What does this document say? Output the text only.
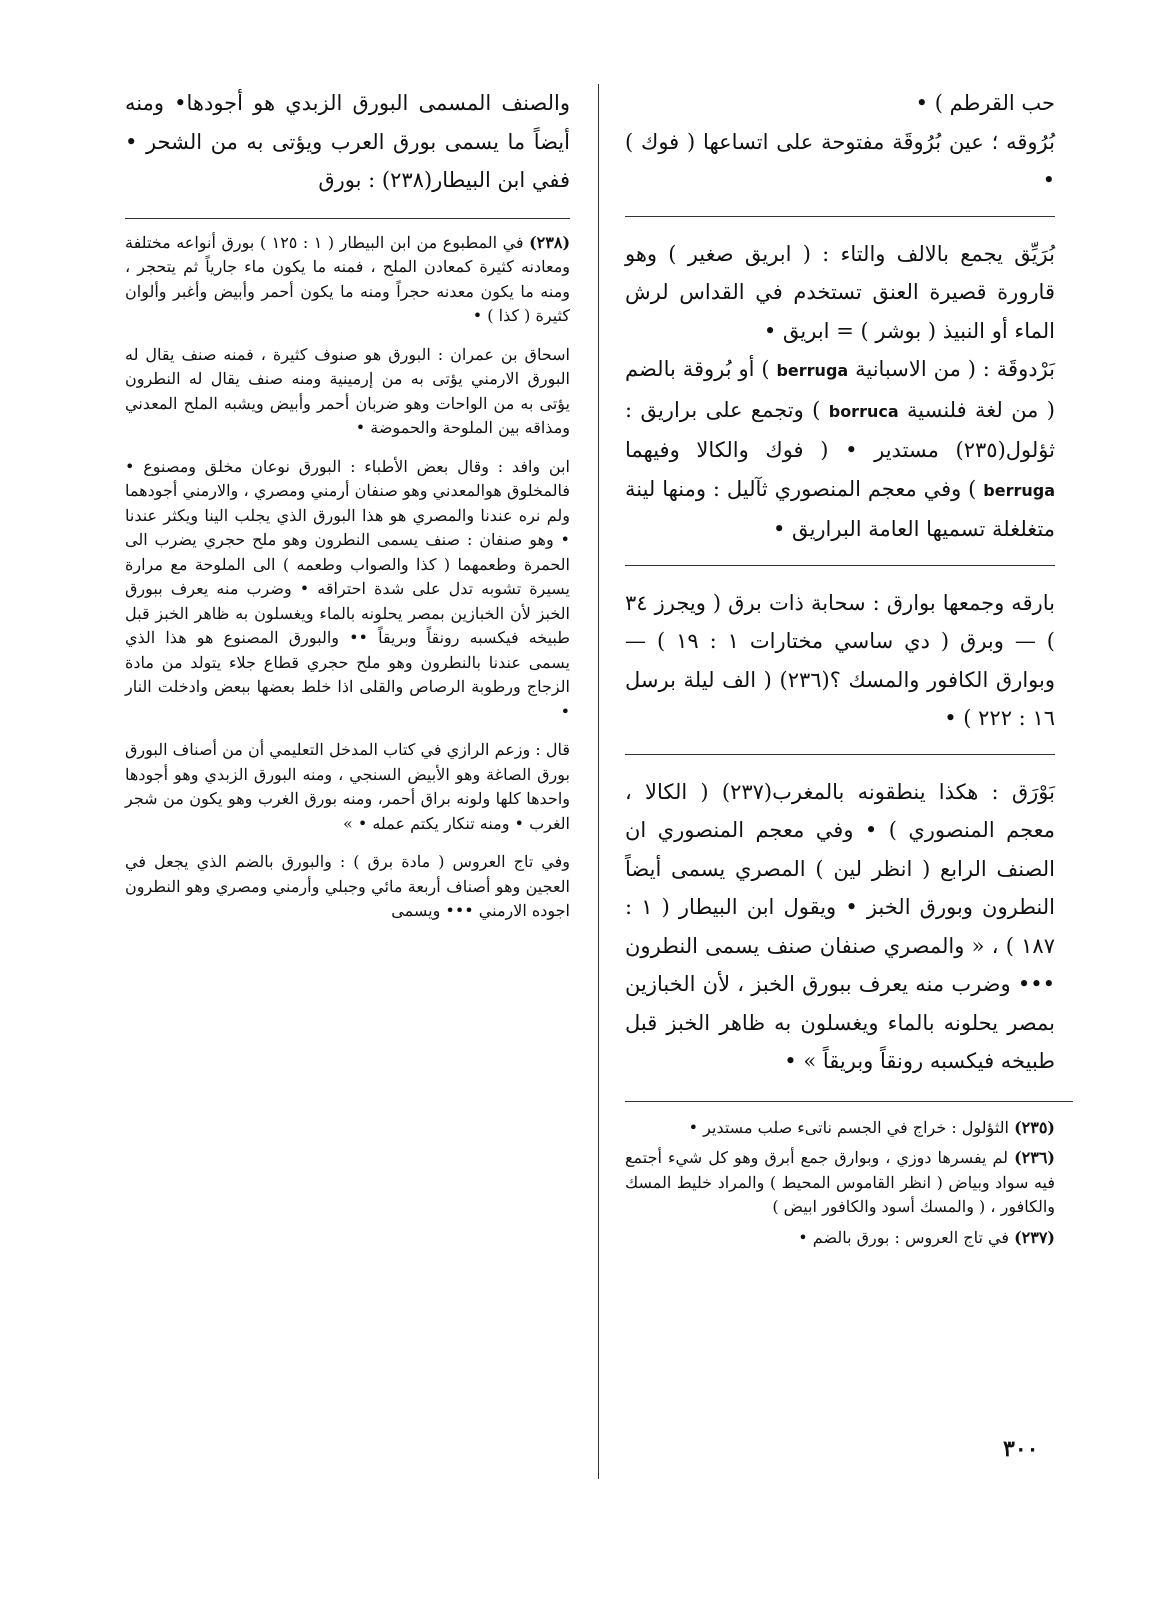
حب القرطم ) •

بُرُوقه ؛ عين بُرُوقَة مفتوحة على اتساعها ( فوك ) •

بُرَيِّق يجمع بالالف والتاء : ( ابريق صغير ) وهو قارورة قصيرة العنق تستخدم في القداس لرش الماء أو النبيذ ( بوشر ) = ابريق •

بَرْدوقَة : ( من الاسبانية berruga ) أو بُروقة بالضم ( من لغة فلنسية borruca ) وتجمع على براريق : ثؤلول(٢٣٥) مستدير • ( فوك والكالا وفيهما berruga ) وفي معجم المنصوري ثآليل : ومنها لينة متغلغلة تسميها العامة البراريق •

بارقه وجمعها بوارق : سحابة ذات برق ( ويجرز ٣٤ ) — وبرق ( دي ساسي مختارات ١ : ١٩ ) — وبوارق الكافور والمسك ؟(٢٣٦) ( الف ليلة برسل ١٦ : ٢٢٢ ) •

بَوْرَق : هكذا ينطقونه بالمغرب(٢٣٧) ( الكالا ، معجم المنصوري ) • وفي معجم المنصوري ان الصنف الرابع ( انظر لين ) المصري يسمى أيضاً النطرون وبورق الخبز • ويقول ابن البيطار ( ١ : ١٨٧ ) ، « والمصري صنفان صنف يسمى النطرون ••• وضرب منه يعرف ببورق الخبز ، لأن الخبازين بمصر يحلونه بالماء ويغسلون به ظاهر الخبز قبل طبيخه فيكسبه رونقاً وبريقاً » •

(٢٣٥) الثؤلول : خراج في الجسم ناتىء صلب مستدير •

(٢٣٦) لم يفسرها دوزي ، وبوارق جمع أبرق وهو كل شيء أجتمع فيه سواد وبياض ( انظر القاموس المحيط ) والمراد خليط المسك والكافور ، ( والمسك أسود والكافور ابيض )

(٢٣٧) في تاج العروس : بورق بالضم •

والصنف المسمى البورق الزبدي هو أجودها• ومنه أيضاً ما يسمى بورق العرب ويؤتى به من الشحر • ففي ابن البيطار(٢٣٨) : بورق

(٢٣٨) في المطبوع من ابن البيطار ( ١ : ١٢٥ ) بورق أنواعه مختلفة ومعادنه كثيرة كمعادن الملح ، فمنه ما يكون ماء جارياً ثم يتحجر ، ومنه ما يكون معدنه حجراً ومنه ما يكون أحمر وأبيض وأغبر وألوان كثيرة ( كذا ) •

اسحاق بن عمران : البورق هو صنوف كثيرة ، فمنه صنف يقال له البورق الارمني يؤتى به من إرمينية ومنه صنف يقال له النطرون يؤتى به من الواحات وهو ضربان أحمر وأبيض ويشبه الملح المعدني ومذاقه بين الملوحة والحموضة •

ابن وافد : وقال بعض الأطباء : البورق نوعان مخلق ومصنوع • فالمخلوق هوالمعدني وهو صنفان أرمني ومصري ، والارمني أجودهما ولم نره عندنا والمصري هو هذا البورق الذي يجلب الينا ويكثر عندنا • وهو صنفان : صنف يسمى النطرون وهو ملح حجري يضرب الى الحمرة وطعمهما ( كذا والصواب وطعمه ) الى الملوحة مع مرارة يسيرة تشوبه تدل على شدة احتراقه • وضرب منه يعرف ببورق الخبز لأن الخبازين بمصر يحلونه بالماء ويغسلون به ظاهر الخبز قبل طبيخه فيكسبه رونقاً وبريقاً •• والبورق المصنوع هو هذا الذي يسمى عندنا بالنطرون وهو ملح حجري قطاع جلاء يتولد من مادة الزجاج ورطوبة الرصاص والقلى اذا خلط بعضها ببعض وادخلت النار •

قال : وزعم الرازي في كتاب المدخل التعليمي أن من أصناف البورق بورق الصاغة وهو الأبيض السنجي ، ومنه البورق الزبدي وهو أجودها واحدها كلها ولونه براق أحمر، ومنه بورق الغرب وهو يكون من شجر الغرب • ومنه تنكار يكتم عمله • »

وفي تاج العروس ( مادة برق ) : والبورق بالضم الذي يجعل في العجين وهو أصناف أربعة مائي وجبلي وأرمني ومصري وهو النطرون اجوده الارمني ••• ويسمى

٣٠٠
